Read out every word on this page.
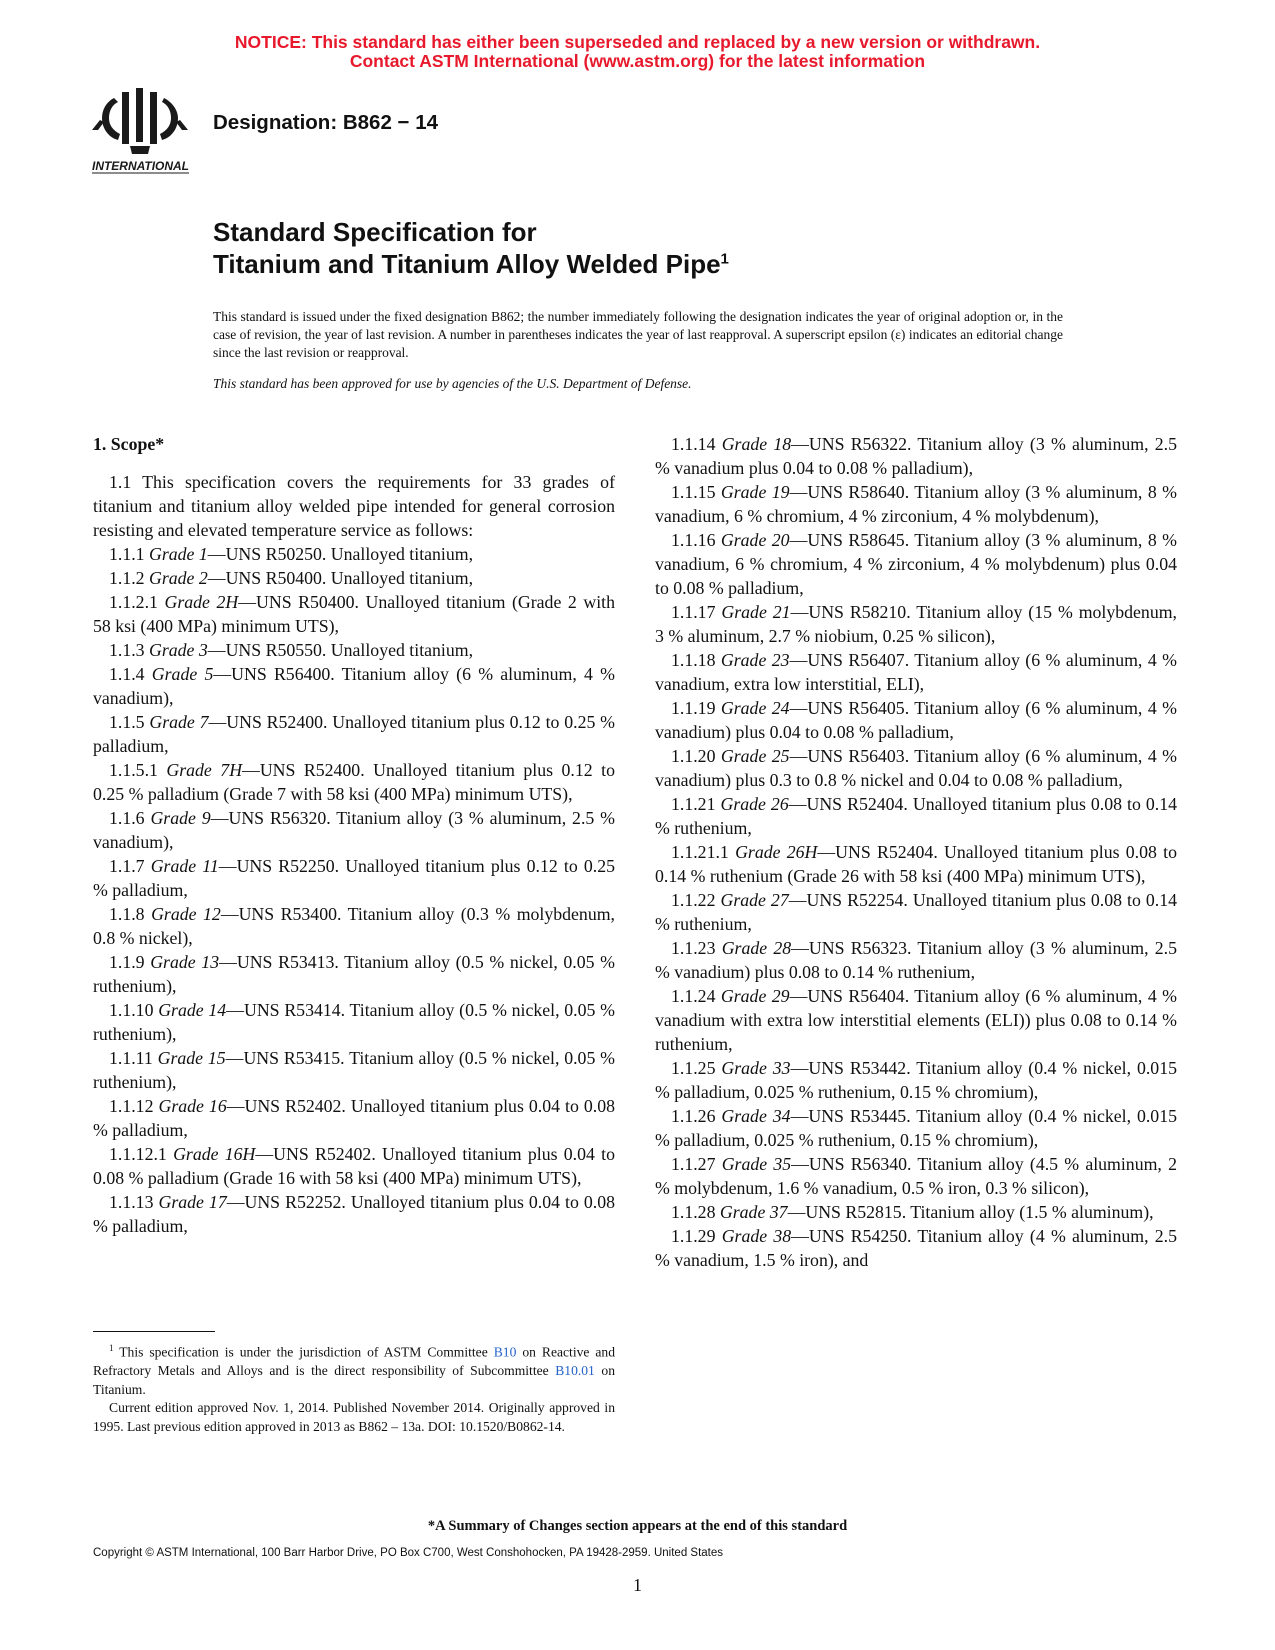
NOTICE: This standard has either been superseded and replaced by a new version or withdrawn.
Contact ASTM International (www.astm.org) for the latest information
INTERNATIONAL
Designation: B862 − 14
Standard Specification for
Titanium and Titanium Alloy Welded Pipe$^1$
This standard is issued under the fixed designation B862; the number immediately following the designation indicates the year of original adoption or, in the case of revision, the year of last revision. A number in parentheses indicates the year of last reapproval. A superscript epsilon (ε) indicates an editorial change since the last revision or reapproval.
This standard has been approved for use by agencies of the U.S. Department of Defense.

1. Scope*

1.1 This specification covers the requirements for 33 grades of titanium and titanium alloy welded pipe intended for general corrosion resisting and elevated temperature service as follows:

1.1.1 Grade 1—UNS R50250. Unalloyed titanium,

1.1.2 Grade 2—UNS R50400. Unalloyed titanium,

1.1.2.1 Grade 2H—UNS R50400. Unalloyed titanium (Grade 2 with 58 ksi (400 MPa) minimum UTS),

1.1.3 Grade 3—UNS R50550. Unalloyed titanium,

1.1.4 Grade 5—UNS R56400. Titanium alloy (6 % aluminum, 4 % vanadium),

1.1.5 Grade 7—UNS R52400. Unalloyed titanium plus 0.12 to 0.25 % palladium,

1.1.5.1 Grade 7H—UNS R52400. Unalloyed titanium plus 0.12 to 0.25 % palladium (Grade 7 with 58 ksi (400 MPa) minimum UTS),

1.1.6 Grade 9—UNS R56320. Titanium alloy (3 % aluminum, 2.5 % vanadium),

1.1.7 Grade 11—UNS R52250. Unalloyed titanium plus 0.12 to 0.25 % palladium,

1.1.8 Grade 12—UNS R53400. Titanium alloy (0.3 % molybdenum, 0.8 % nickel),

1.1.9 Grade 13—UNS R53413. Titanium alloy (0.5 % nickel, 0.05 % ruthenium),

1.1.10 Grade 14—UNS R53414. Titanium alloy (0.5 % nickel, 0.05 % ruthenium),

1.1.11 Grade 15—UNS R53415. Titanium alloy (0.5 % nickel, 0.05 % ruthenium),

1.1.12 Grade 16—UNS R52402. Unalloyed titanium plus 0.04 to 0.08 % palladium,

1.1.12.1 Grade 16H—UNS R52402. Unalloyed titanium plus 0.04 to 0.08 % palladium (Grade 16 with 58 ksi (400 MPa) minimum UTS),

1.1.13 Grade 17—UNS R52252. Unalloyed titanium plus 0.04 to 0.08 % palladium,

1.1.14 Grade 18—UNS R56322. Titanium alloy (3 % aluminum, 2.5 % vanadium plus 0.04 to 0.08 % palladium),

1.1.15 Grade 19—UNS R58640. Titanium alloy (3 % aluminum, 8 % vanadium, 6 % chromium, 4 % zirconium, 4 % molybdenum),

1.1.16 Grade 20—UNS R58645. Titanium alloy (3 % aluminum, 8 % vanadium, 6 % chromium, 4 % zirconium, 4 % molybdenum) plus 0.04 to 0.08 % palladium,

1.1.17 Grade 21—UNS R58210. Titanium alloy (15 % molybdenum, 3 % aluminum, 2.7 % niobium, 0.25 % silicon),

1.1.18 Grade 23—UNS R56407. Titanium alloy (6 % aluminum, 4 % vanadium, extra low interstitial, ELI),

1.1.19 Grade 24—UNS R56405. Titanium alloy (6 % aluminum, 4 % vanadium) plus 0.04 to 0.08 % palladium,

1.1.20 Grade 25—UNS R56403. Titanium alloy (6 % aluminum, 4 % vanadium) plus 0.3 to 0.8 % nickel and 0.04 to 0.08 % palladium,

1.1.21 Grade 26—UNS R52404. Unalloyed titanium plus 0.08 to 0.14 % ruthenium,

1.1.21.1 Grade 26H—UNS R52404. Unalloyed titanium plus 0.08 to 0.14 % ruthenium (Grade 26 with 58 ksi (400 MPa) minimum UTS),

1.1.22 Grade 27—UNS R52254. Unalloyed titanium plus 0.08 to 0.14 % ruthenium,

1.1.23 Grade 28—UNS R56323. Titanium alloy (3 % aluminum, 2.5 % vanadium) plus 0.08 to 0.14 % ruthenium,

1.1.24 Grade 29—UNS R56404. Titanium alloy (6 % aluminum, 4 % vanadium with extra low interstitial elements (ELI)) plus 0.08 to 0.14 % ruthenium,

1.1.25 Grade 33—UNS R53442. Titanium alloy (0.4 % nickel, 0.015 % palladium, 0.025 % ruthenium, 0.15 % chromium),

1.1.26 Grade 34—UNS R53445. Titanium alloy (0.4 % nickel, 0.015 % palladium, 0.025 % ruthenium, 0.15 % chromium),

1.1.27 Grade 35—UNS R56340. Titanium alloy (4.5 % aluminum, 2 % molybdenum, 1.6 % vanadium, 0.5 % iron, 0.3 % silicon),

1.1.28 Grade 37—UNS R52815. Titanium alloy (1.5 % aluminum),

1.1.29 Grade 38—UNS R54250. Titanium alloy (4 % aluminum, 2.5 % vanadium, 1.5 % iron), and

$^1$ This specification is under the jurisdiction of ASTM Committee B10 on Reactive and Refractory Metals and Alloys and is the direct responsibility of Subcommittee B10.01 on Titanium.

Current edition approved Nov. 1, 2014. Published November 2014. Originally approved in 1995. Last previous edition approved in 2013 as B862 – 13a. DOI: 10.1520/B0862-14.

*A Summary of Changes section appears at the end of this standard
Copyright © ASTM International, 100 Barr Harbor Drive, PO Box C700, West Conshohocken, PA 19428-2959. United States
1
